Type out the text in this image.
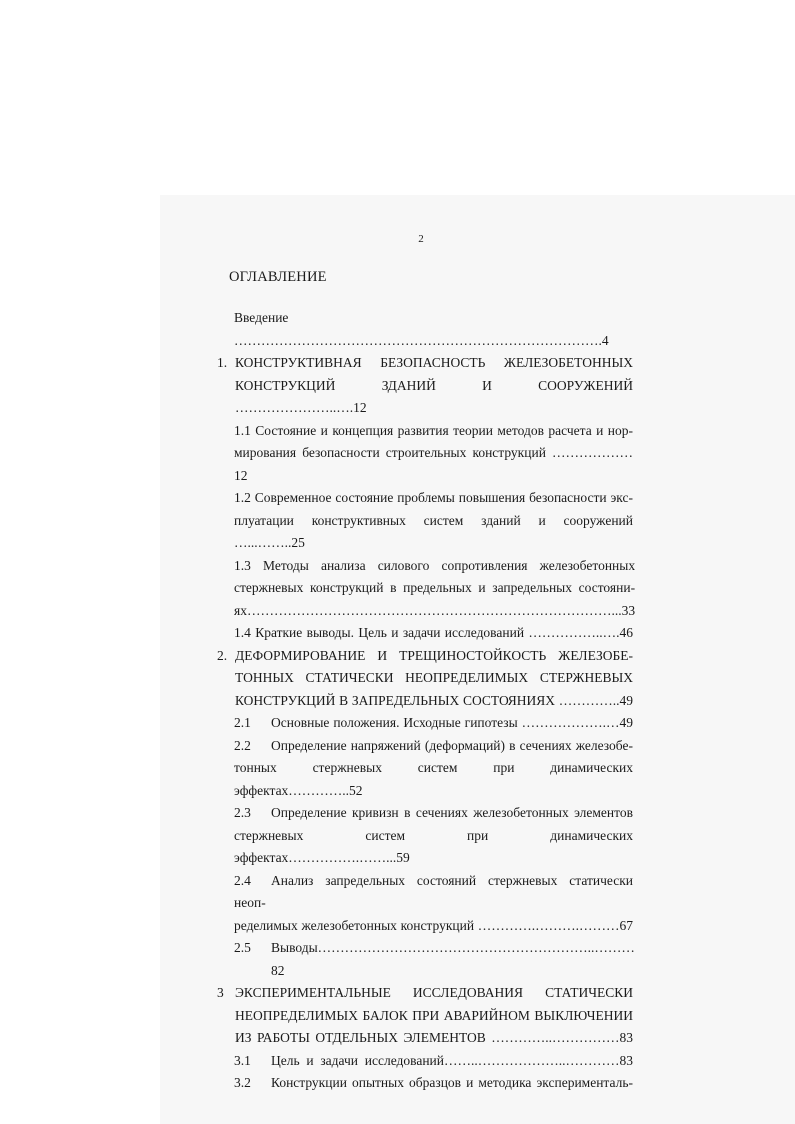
2
ОГЛАВЛЕНИЕ
Введение ……………………………………………………………………….4
1. КОНСТРУКТИВНАЯ БЕЗОПАСНОСТЬ ЖЕЛЕЗОБЕТОННЫХ
КОНСТРУКЦИЙ ЗДАНИЙ И СООРУЖЕНИЙ …………………..….12
1.1 Состояние и концепция развития теории методов расчета и нор-
мирования безопасности строительных конструкций ………………12
1.2 Современное состояние проблемы повышения безопасности экс-
плуатации конструктивных систем зданий и сооружений …...……..25
1.3 Методы анализа силового сопротивления железобетонных
стержневых конструкций в предельных и запредельных состояни-
ях………………………………………………………………………...33
1.4 Краткие выводы. Цель и задачи исследований ……………..….46
2. ДЕФОРМИРОВАНИЕ И ТРЕЩИНОСТОЙКОСТЬ ЖЕЛЕЗОБЕ-
ТОННЫХ СТАТИЧЕСКИ НЕОПРЕДЕЛИМЫХ СТЕРЖНЕВЫХ
КОНСТРУКЦИЙ В ЗАПРЕДЕЛЬНЫХ СОСТОЯНИЯХ …………..49
2.1	Основные положения. Исходные гипотезы ……………….…49
2.2 Определение напряжений (деформаций) в сечениях железобе-
тонных стержневых систем при динамических эффектах…………..52
2.3 Определение кривизн в сечениях железобетонных элементов
стержневых систем при динамических эффектах…………….……...59
2.4 Анализ запредельных состояний стержневых статически неоп-
ределимых железобетонных конструкций ………….……….………67
2.5	Выводы……………………………………………………..………82
3 ЭКСПЕРИМЕНТАЛЬНЫЕ ИССЛЕДОВАНИЯ СТАТИЧЕСКИ
НЕОПРЕДЕЛИМЫХ БАЛОК ПРИ АВАРИЙНОМ ВЫКЛЮЧЕНИИ
ИЗ РАБОТЫ ОТДЕЛЬНЫХ ЭЛЕМЕНТОВ …………..……………83
3.1	Цель и задачи исследований……..………………..…………83
3.2	Конструкции опытных образцов и методика эксперименталь-
